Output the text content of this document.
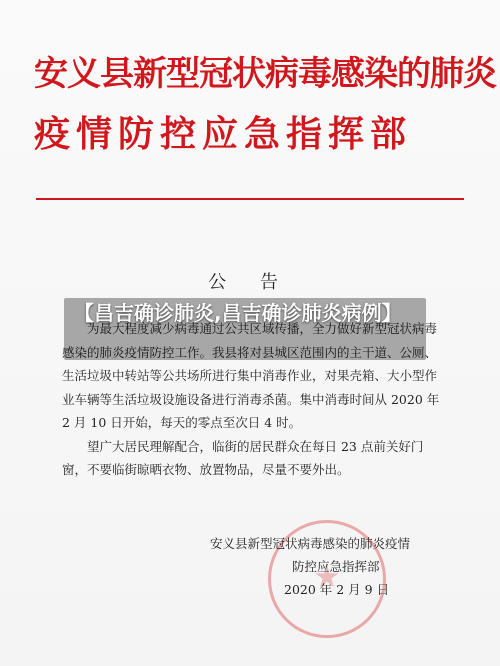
安义县新型冠状病毒感染的肺炎
疫情防控应急指挥部
公 告

为最大程度减少病毒通过公共区域传播，全力做好新型冠状病毒感染的肺炎疫情防控工作。我县将对县城区范围内的主干道、公厕、生活垃圾中转站等公共场所进行集中消毒作业，对果壳箱、大小型作业车辆等生活垃圾设施设备进行消毒杀菌。集中消毒时间从 2020 年 2 月 10 日开始，每天的零点至次日 4 时。

望广大居民理解配合，临街的居民群众在每日 23 点前关好门窗，不要临街晾晒衣物、放置物品，尽量不要外出。

安义县新型冠状病毒感染的肺炎疫情
防控应急指挥部
2020 年 2 月 9 日
【昌吉确诊肺炎,昌吉确诊肺炎病例】
